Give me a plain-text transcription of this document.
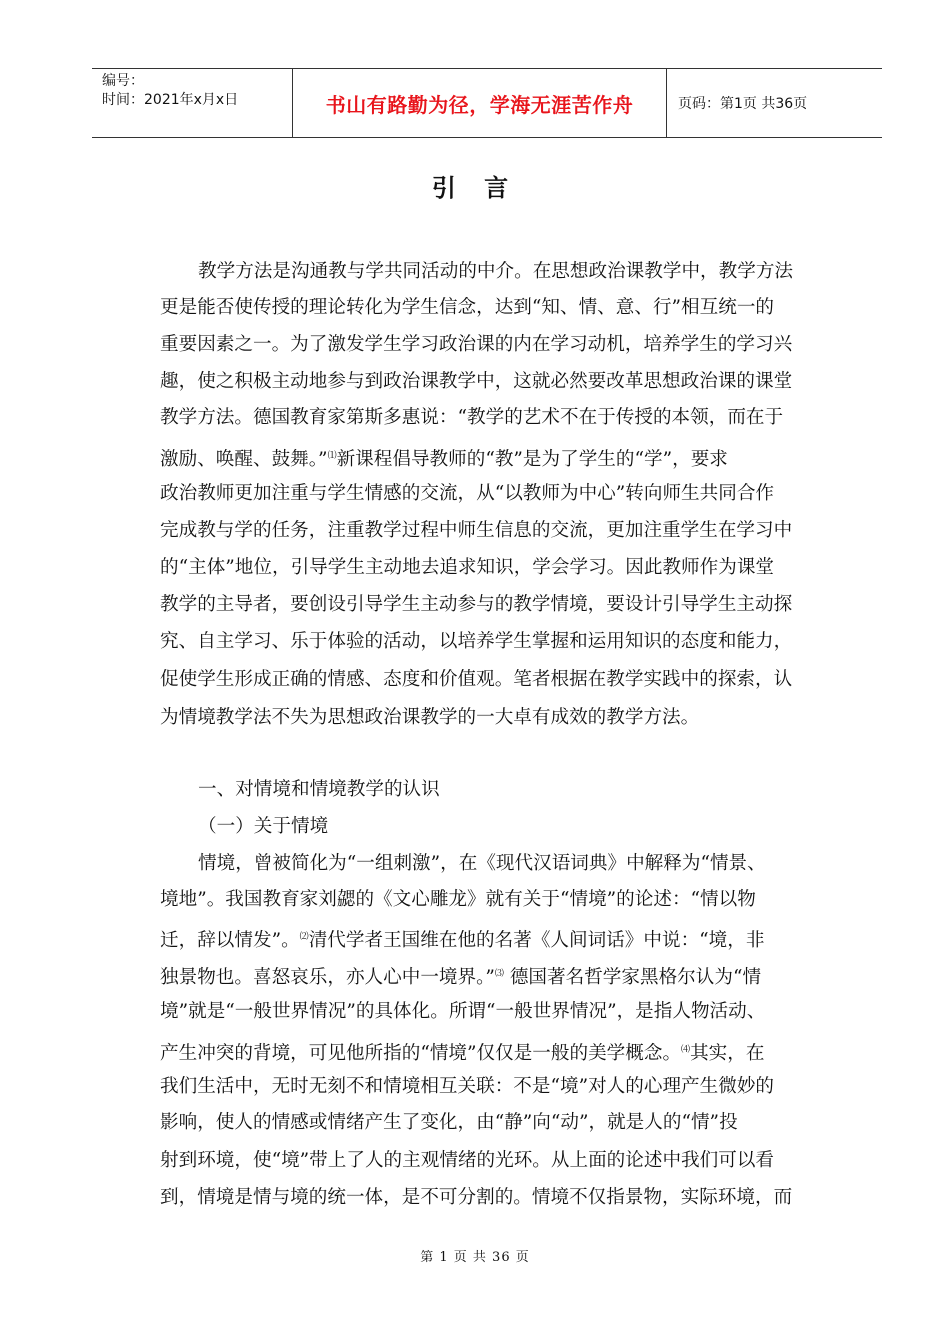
编号：
时间：2021年x月x日	书山有路勤为径，学海无涯苦作舟	页码：第1页 共36页
引 言
教学方法是沟通教与学共同活动的中介。在思想政治课教学中，教学方法
更是能否使传授的理论转化为学生信念，达到“知、情、意、行”相互统一的
重要因素之一。为了激发学生学习政治课的内在学习动机，培养学生的学习兴
趣，使之积极主动地参与到政治课教学中，这就必然要改革思想政治课的课堂
教学方法。德国教育家第斯多惠说：“教学的艺术不在于传授的本领，而在于
激励、唤醒、鼓舞。”⑴新课程倡导教师的“教”是为了学生的“学”，要求
政治教师更加注重与学生情感的交流，从“以教师为中心”转向师生共同合作
完成教与学的任务，注重教学过程中师生信息的交流，更加注重学生在学习中
的“主体”地位，引导学生主动地去追求知识，学会学习。因此教师作为课堂
教学的主导者，要创设引导学生主动参与的教学情境，要设计引导学生主动探
究、自主学习、乐于体验的活动，以培养学生掌握和运用知识的态度和能力，
促使学生形成正确的情感、态度和价值观。笔者根据在教学实践中的探索，认
为情境教学法不失为思想政治课教学的一大卓有成效的教学方法。
一、对情境和情境教学的认识
（一）关于情境
情境，曾被简化为“一组刺激”，在《现代汉语词典》中解释为“情景、
境地”。我国教育家刘勰的《文心雕龙》就有关于“情境”的论述：“情以物
迁，辞以情发”。⑵清代学者王国维在他的名著《人间词话》中说：“境，非
独景物也。喜怒哀乐，亦人心中一境界。”⑶ 德国著名哲学家黑格尔认为“情
境”就是“一般世界情况”的具体化。所谓“一般世界情况”，是指人物活动、
产生冲突的背境，可见他所指的“情境”仅仅是一般的美学概念。⑷其实，在
我们生活中，无时无刻不和情境相互关联：不是“境”对人的心理产生微妙的
影响，使人的情感或情绪产生了变化，由“静”向“动”，就是人的“情”投
射到环境，使“境”带上了人的主观情绪的光环。从上面的论述中我们可以看
到，情境是情与境的统一体，是不可分割的。情境不仅指景物，实际环境，而
第 1 页 共 36 页
